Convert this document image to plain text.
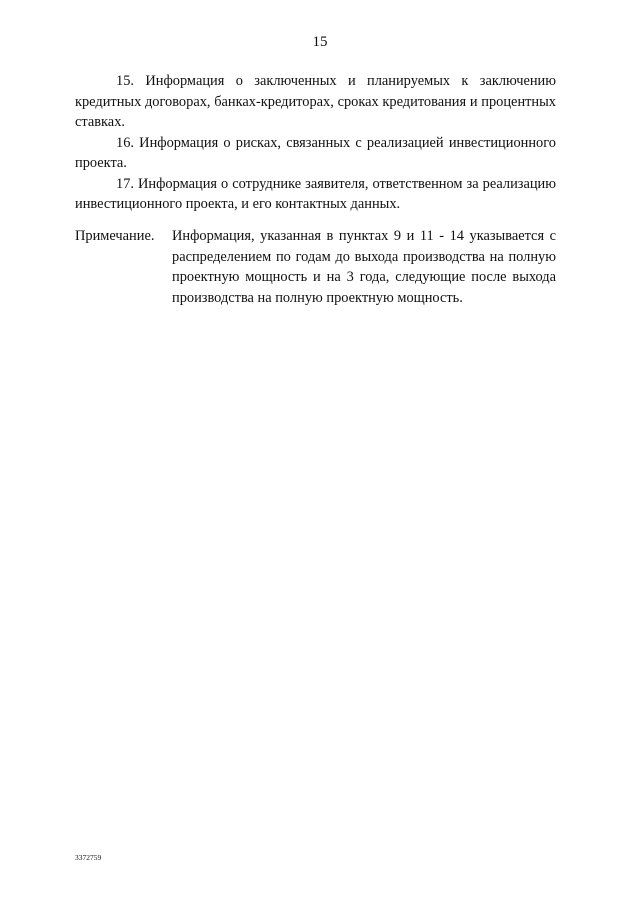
15

15. Информация о заключенных и планируемых к заключению кредитных договорах, банках-кредиторах, сроках кредитования и процентных ставках.

16. Информация о рисках, связанных с реализацией инвестиционного проекта.

17. Информация о сотруднике заявителя, ответственном за реализацию инвестиционного проекта, и его контактных данных.

Примечание. Информация, указанная в пунктах 9 и 11 - 14 указывается с распределением по годам до выхода производства на полную проектную мощность и на 3 года, следующие после выхода производства на полную проектную мощность.

3372759
